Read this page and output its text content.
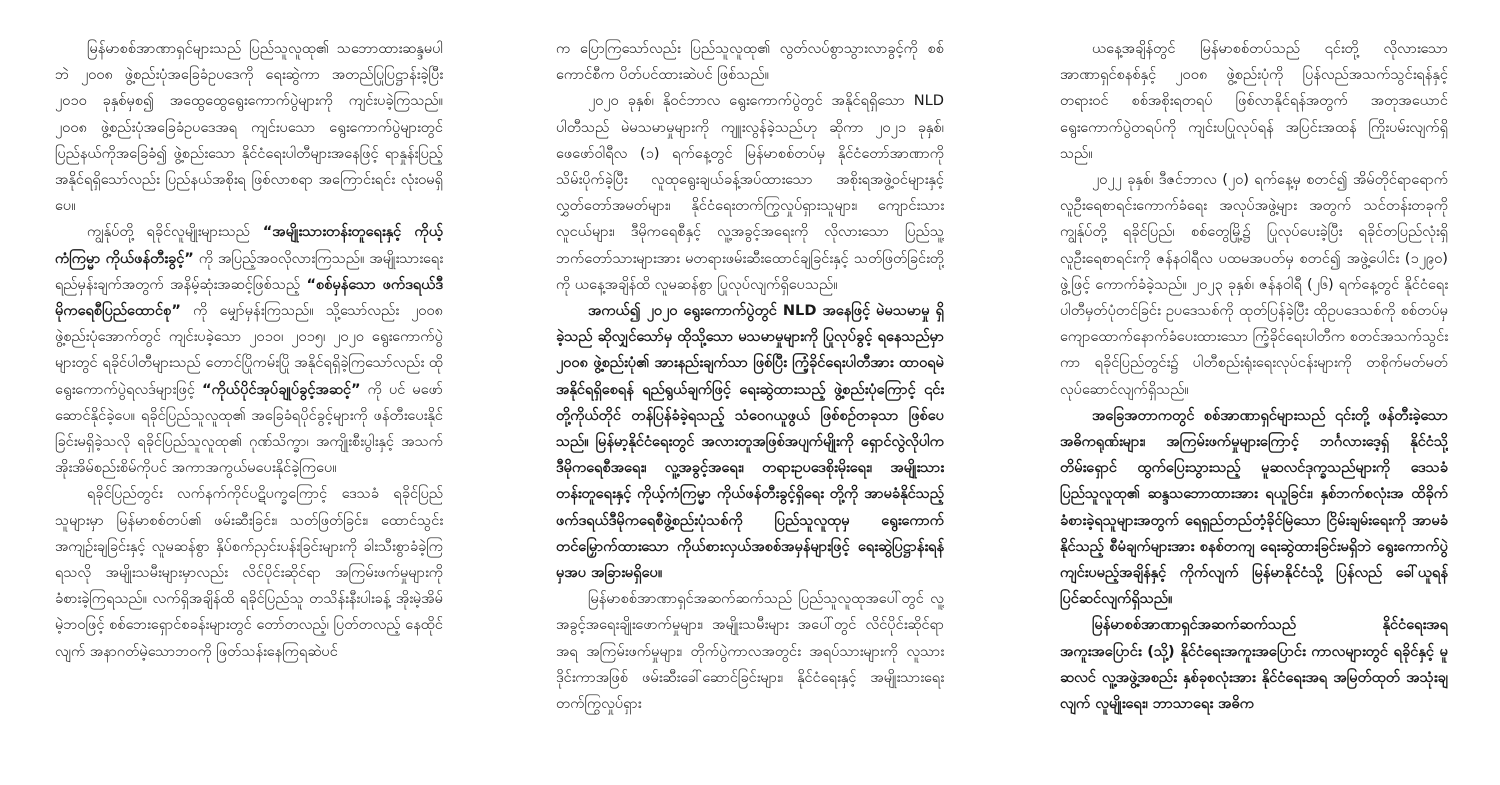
မြန်မာစစ်အာဏာရှင်များသည် ပြည်သူလူထု၏ သဘောထားဆန္ဒမပါဘဲ ၂၀၀၈ ဖွဲ့စည်းပုံအခြေခံဥပဒေကို ရေးဆွဲကာ အတည်ပြုပြဋ္ဌာန်းခဲ့ပြီး ၂၀၁၀ ခုနှစ်မှစ၍ အထွေထွေရွေးကောက်ပွဲများကို ကျင်းပခဲ့ကြသည်။ ၂၀၀၈ ဖွဲ့စည်းပုံအခြေခံဥပဒေအရ ကျင်းပသော ရွေးကောက်ပွဲများတွင် ပြည်နယ်ကိုအခြေခံ၍ ဖွဲ့စည်းသော နိုင်ငံရေးပါတီများအနေဖြင့် ရာနှုန်းပြည့် အနိုင်ရရှိသော်လည်း ပြည်နယ်အစိုးရ ဖြစ်လာစရာ အကြောင်းရင်း လုံးဝမရှိပေ။

ကျွန်ုပ်တို့ ရခိုင်လူမျိုးများသည် “အမျိုးသားတန်းတူရေးနှင့် ကိုယ့်ကံကြမ္မာ ကိုယ်ဖန်တီးခွင့်” ကို အပြည့်အဝလိုလားကြသည်။ အမျိုးသားရေး ရည်မှန်းချက်အတွက် အနိမ့်ဆုံးအဆင့်ဖြစ်သည့် “စစ်မှန်သော ဖက်ဒရယ်ဒီမိုကရေစီပြည်ထောင်စု” ကို မျှော်မှန်းကြသည်။ သို့သော်လည်း ၂၀၀၈ ဖွဲ့စည်းပုံအောက်တွင် ကျင်းပခဲ့သော ၂၀၁၀၊ ၂၀၁၅၊ ၂၀၂၀ ရွေးကောက်ပွဲများတွင် ရခိုင်ပါတီများသည် တောင်ပြိုကမ်းပြို အနိုင်ရရှိခဲ့ကြသော်လည်း ထိုရွေးကောက်ပွဲရလဒ်များဖြင့် “ကိုယ်ပိုင်အုပ်ချုပ်ခွင့်အဆင့်” ကို ပင် မဖော်ဆောင်နိုင်ခဲ့ပေ။ ရခိုင်ပြည်သူလူထု၏ အခြေခံရပိုင်ခွင့်များကို ဖန်တီးပေးနိုင်ခြင်းမရှိခဲ့သလို ရခိုင်ပြည်သူလူထု၏ ဂုဏ်သိက္ခာ၊ အကျိုးစီးပွါးနှင့် အသက်အိုးအိမ်စည်းစိမ်ကိုပင် အကာအကွယ်မပေးနိုင်ခဲ့ကြပေ။

ရခိုင်ပြည်တွင်း လက်နက်ကိုင်ပဋိပက္ခကြောင့် ဒေသခံ ရခိုင်ပြည်သူများမှာ မြန်မာစစ်တပ်၏ ဖမ်းဆီးခြင်း၊ သတ်ဖြတ်ခြင်း၊ ထောင်သွင်းအကျဉ်းချခြင်းနှင့် လူမဆန်စွာ နှိပ်စက်ညှင်းပန်းခြင်းများကို ခါးသီးစွာခံခဲ့ကြရသလို အမျိုးသမီးများမှာလည်း လိင်ပိုင်းဆိုင်ရာ အကြမ်းဖက်မှုများကို ခံစားခဲ့ကြရသည်။ လက်ရှိအချိန်ထိ ရခိုင်ပြည်သူ တသိန်းနီးပါးခန့် အိုးမဲ့အိမ်မဲ့ဘဝဖြင့် စစ်ဘေးရှောင်စခန်းများတွင် တော်တလည့်၊ ပြတ်တလည့် နေထိုင်လျက် အနာဂတ်မဲ့သောဘဝကို ဖြတ်သန်းနေကြရဆဲပင်

က ပြောကြသော်လည်း ပြည်သူလူထု၏ လွတ်လပ်စွာသွားလာခွင့်ကို စစ်ကောင်စီက ပိတ်ပင်ထားဆဲပင် ဖြစ်သည်။

၂၀၂၀ ခုနှစ်၊ နိုဝင်ဘာလ ရွေးကောက်ပွဲတွင် အနိုင်ရရှိသော NLD ပါတီသည် မဲမသမာမှုများကို ကျူးလွန်ခဲ့သည်ဟု ဆိုကာ ၂၀၂၁ ခုနှစ်၊ ဖေဖော်ဝါရီလ (၁) ရက်နေ့တွင် မြန်မာစစ်တပ်မှ နိုင်ငံတော်အာဏာကို သိမ်းပိုက်ခဲ့ပြီး လူထုရွေးချယ်ခန့်အပ်ထားသော အစိုးရအဖွဲ့ဝင်များနှင့် လွှတ်တော်အမတ်များ၊ နိုင်ငံရေးတက်ကြွလှုပ်ရှားသူများ၊ ကျောင်းသားလူငယ်များ၊ ဒီမိုကရေစီနှင့် လူ့အခွင့်အရေးကို လိုလားသော ပြည်သူ့ဘက်တော်သားများအား မတရားဖမ်းဆီးထောင်ချခြင်းနှင့် သတ်ဖြတ်ခြင်းတို့ကို ယနေ့အချိန်ထိ လူမဆန်စွာ ပြုလုပ်လျက်ရှိပေသည်။

အကယ်၍ ၂၀၂၀ ရွေးကောက်ပွဲတွင် NLD အနေဖြင့် မဲမသမာမှု ရှိခဲ့သည် ဆိုလျှင်သော်မှ ထိုသို့သော မသမာမှုများကို ပြုလုပ်ခွင့် ရနေသည်မှာ ၂၀၀၈ ဖွဲ့စည်းပုံ၏ အားနည်းချက်သာ ဖြစ်ပြီး ကြံ့ခိုင်ရေးပါတီအား ထာဝရမဲအနိုင်ရရှိစေရန် ရည်ရွယ်ချက်ဖြင့် ရေးဆွဲထားသည့် ဖွဲ့စည်းပုံကြောင့် ၎င်းတို့ကိုယ်တိုင် တန်ပြန်ခံခဲ့ရသည့် သံဝေဂယူဖွယ် ဖြစ်စဉ်တခုသာ ဖြစ်ပေသည်။ မြန်မာ့နိုင်ငံရေးတွင် အလားတူအဖြစ်အပျက်မျိုးကို ရှောင်လွဲလိုပါက ဒီမိုကရေစီအရေး၊ လူ့အခွင့်အရေး၊ တရားဥပဒေစိုးမိုးရေး၊ အမျိုးသားတန်းတူရေးနှင့် ကိုယ့်ကံကြမ္မာ ကိုယ်ဖန်တီးခွင့်ရှိရေး တို့ကို အာမခံနိုင်သည့် ဖက်ဒရယ်ဒီမိုကရေစီဖွဲ့စည်းပုံသစ်ကို ပြည်သူလူထုမှ ရွေးကောက်တင်မြှောက်ထားသော ကိုယ်စားလှယ်အစစ်အမှန်များဖြင့် ရေးဆွဲပြဋ္ဌာန်းရန်မှအပ အခြားမရှိပေ။

မြန်မာစစ်အာဏာရှင်အဆက်ဆက်သည် ပြည်သူလူထုအပေါ်တွင် လူ့အခွင့်အရေးချိုးဖောက်မှုများ၊ အမျိုးသမီးများ အပေါ်တွင် လိင်ပိုင်းဆိုင်ရာအရ အကြမ်းဖက်မှုများ၊ တိုက်ပွဲကာလအတွင်း အရပ်သားများကို လူသားဒိုင်းကာအဖြစ် ဖမ်းဆီးခေါ်ဆောင်ခြင်းများ၊ နိုင်ငံရေးနှင့် အမျိုးသားရေး တက်ကြွလှုပ်ရှား

ယနေ့အချိန်တွင် မြန်မာစစ်တပ်သည် ၎င်းတို့ လိုလားသော အာဏာရှင်စနစ်နှင့် ၂၀၀၈ ဖွဲ့စည်းပုံကို ပြန်လည်အသက်သွင်းရန်နှင့် တရားဝင် စစ်အစိုးရတရပ် ဖြစ်လာနိုင်ရန်အတွက် အတုအယောင် ရွေးကောက်ပွဲတရပ်ကို ကျင်းပပြုလုပ်ရန် အပြင်းအထန် ကြိုးပမ်းလျက်ရှိသည်။

၂၀၂၂ ခုနှစ်၊ ဒီဇင်ဘာလ (၂၀) ရက်နေ့မှ စတင်၍ အိမ်တိုင်ရာရောက် လူဦးရေစာရင်းကောက်ခံရေး အလုပ်အဖွဲ့များ အတွက် သင်တန်းတခုကို ကျွန်ုပ်တို့ ရခိုင်ပြည်၊ စစ်တွေမြို့၌ ပြုလုပ်ပေးခဲ့ပြီး ရခိုင်တပြည်လုံးရှိ လူဦးရေစာရင်းကို ဇန်နဝါရီလ ပထမအပတ်မှ စတင်၍ အဖွဲ့ပေါင်း (၁၂၉၀) ဖွဲ့ဖြင့် ကောက်ခံခဲ့သည်။ ၂၀၂၃ ခုနှစ်၊ ဇန်နဝါရီ (၂၆) ရက်နေ့တွင် နိုင်ငံရေးပါတီမှတ်ပုံတင်ခြင်း ဥပဒေသစ်ကို ထုတ်ပြန်ခဲ့ပြီး ထိုဥပဒေသစ်ကို စစ်တပ်မှ ကျောထောက်နောက်ခံပေးထားသော ကြံ့ခိုင်ရေးပါတီက စတင်အသက်သွင်းကာ ရခိုင်ပြည်တွင်း၌ ပါတီစည်းရုံးရေးလုပ်ငန်းများကို တစိုက်မတ်မတ် လုပ်ဆောင်လျက်ရှိသည်။

အခြေအတာကတွင် စစ်အာဏာရှင်များသည် ၎င်းတို့ ဖန်တီးခဲ့သော အဓိကရုဏ်းများ၊ အကြမ်းဖက်မှုများကြောင့် ဘင်္ဂလားဒေ့ရှ် နိုင်ငံသို့ တိမ်းရှောင် ထွက်ပြေးသွားသည့် မူဆလင်ဒုက္ခသည်များကို ဒေသခံပြည်သူလူထု၏ ဆန္ဒသဘောထားအား ရယူခြင်း၊ နှစ်ဘက်စလုံးအ ထိခိုက်ခံစားခဲ့ရသူများအတွက် ရေရှည်တည်တံ့ခိုင်မြဲသော ငြိမ်းချမ်းရေးကို အာမခံနိုင်သည့် စီမံချက်များအား စနစ်တကျ ရေးဆွဲထားခြင်းမရှိဘဲ ရွေးကောက်ပွဲကျင်းပမည့်အချိန်နှင့် ကိုက်လျက် မြန်မာနိုင်ငံသို့ ပြန်လည် ခေါ်ယူရန် ပြင်ဆင်လျက်ရှိသည်။

မြန်မာစစ်အာဏာရှင်အဆက်ဆက်သည် နိုင်ငံရေးအရအကူးအပြောင်း (သို့) နိုင်ငံရေးအကူးအပြောင်း ကာလများတွင် ရခိုင်နှင့် မူဆလင် လူ့အဖွဲ့အစည်း နှစ်ခုစလုံးအား နိုင်ငံရေးအရ အမြတ်ထုတ် အသုံးချလျက် လူမျိုးရေး၊ ဘာသာရေး အဓိက
